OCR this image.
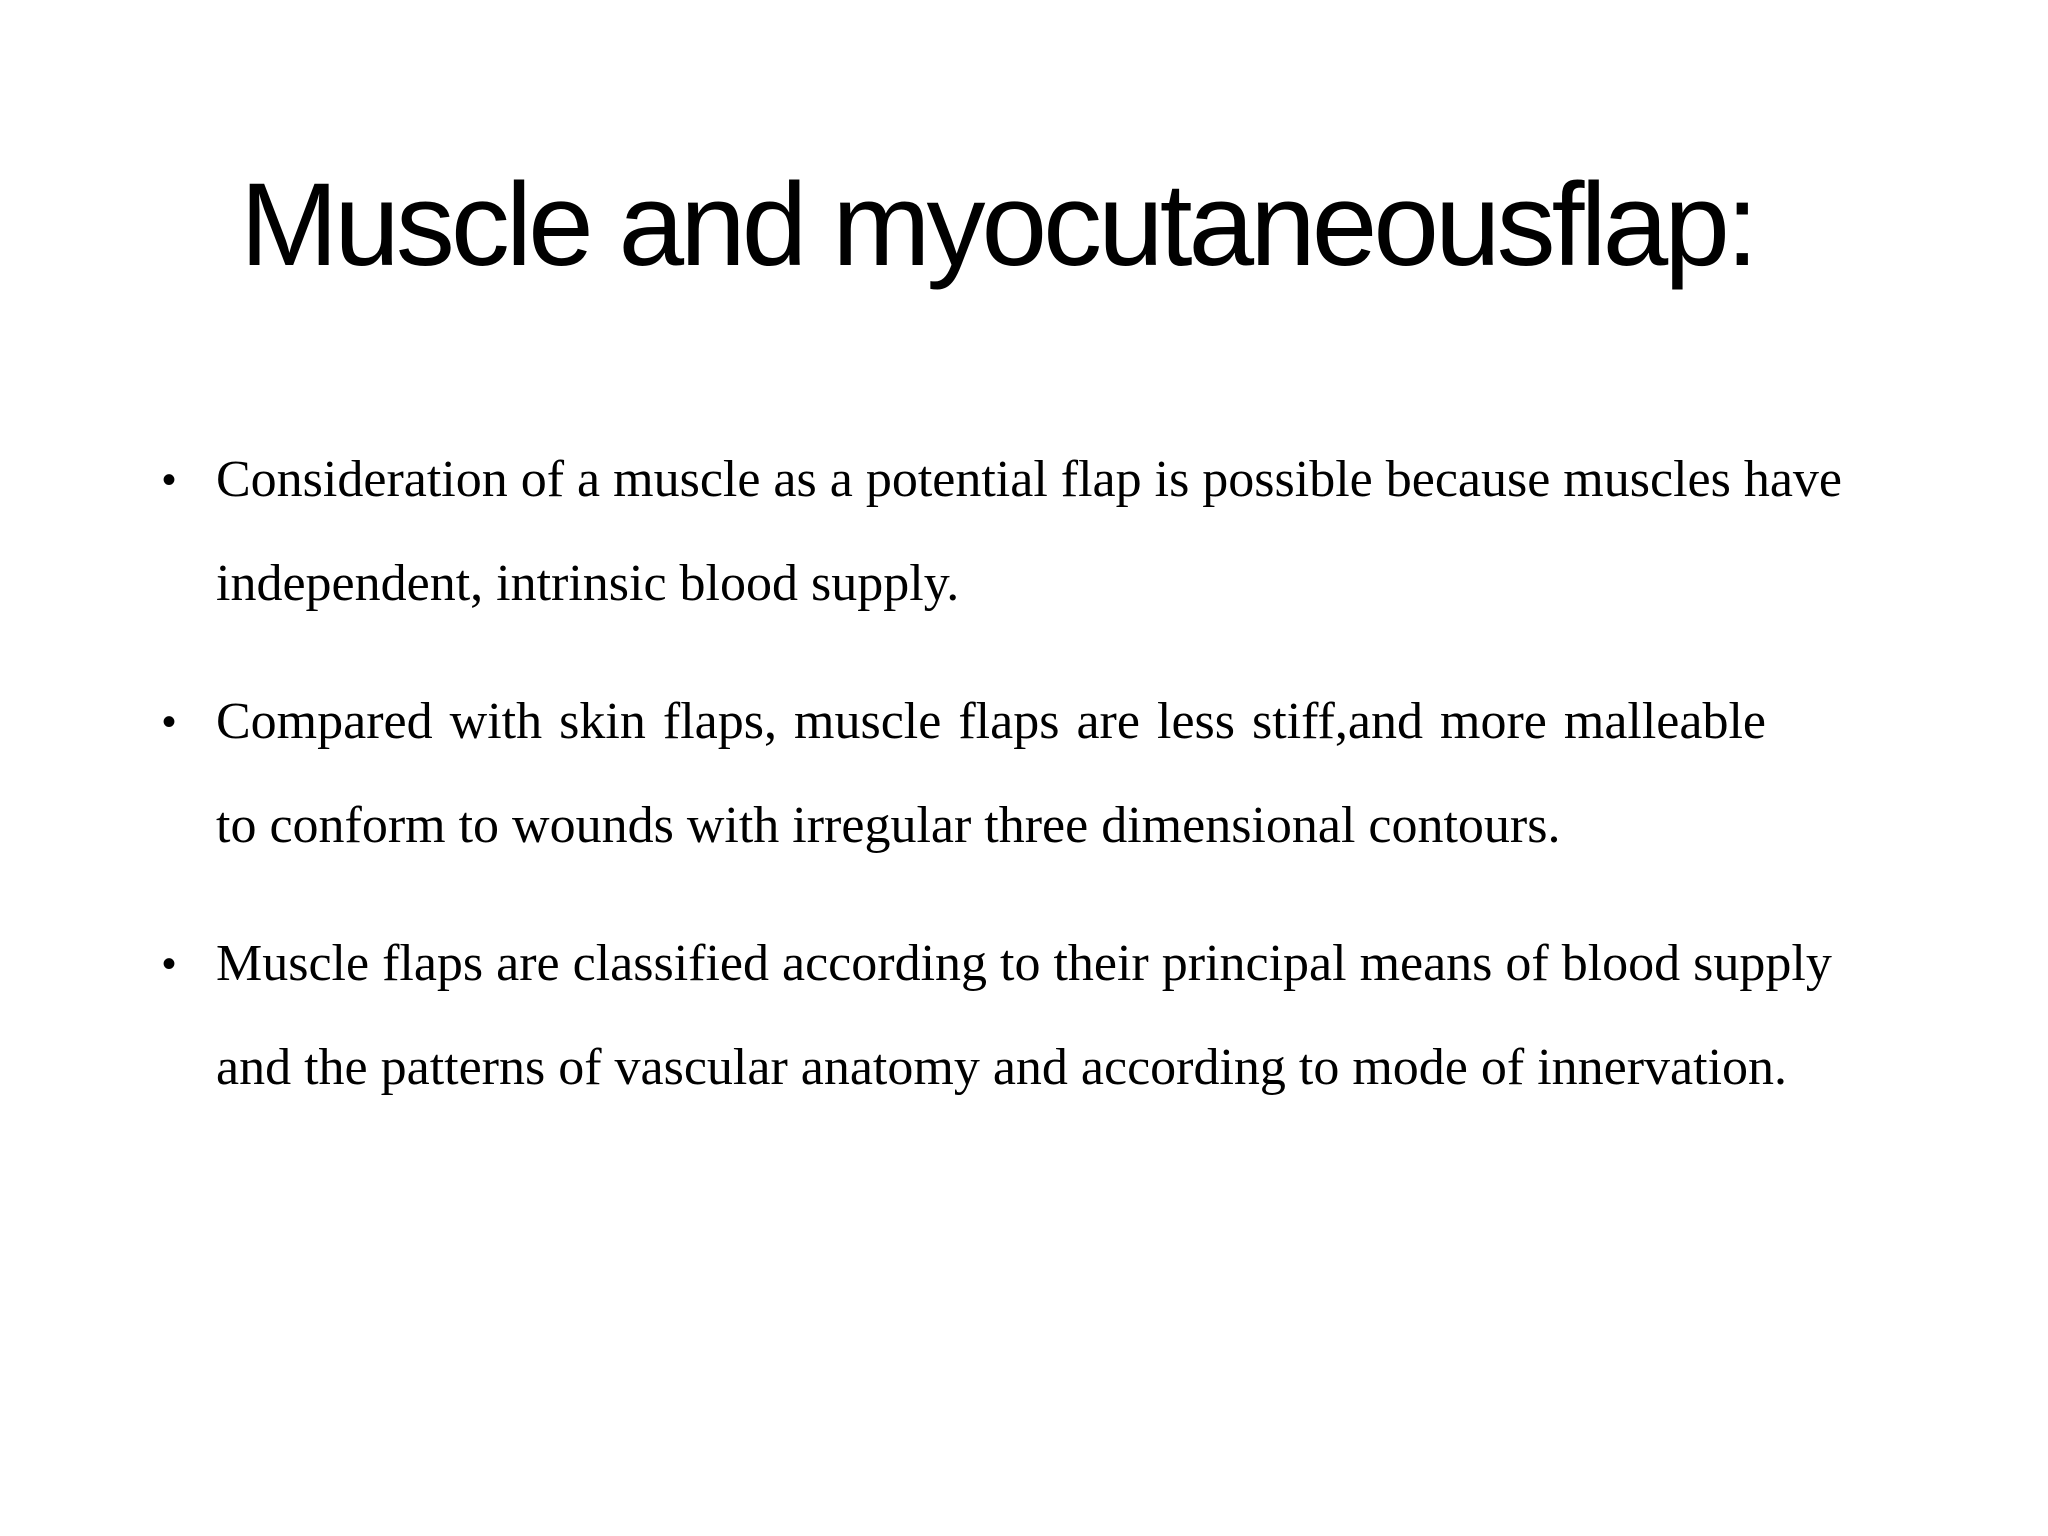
Muscle and myocutaneousflap:
• Consideration of a muscle as a potential flap is possible because muscles have independent, intrinsic blood supply.
• Compared with skin flaps, muscle flaps are less stiff,and more malleable to conform to wounds with irregular three dimensional contours.
• Muscle flaps are classified according to their principal means of blood supply and the patterns of vascular anatomy and according to mode of innervation.
